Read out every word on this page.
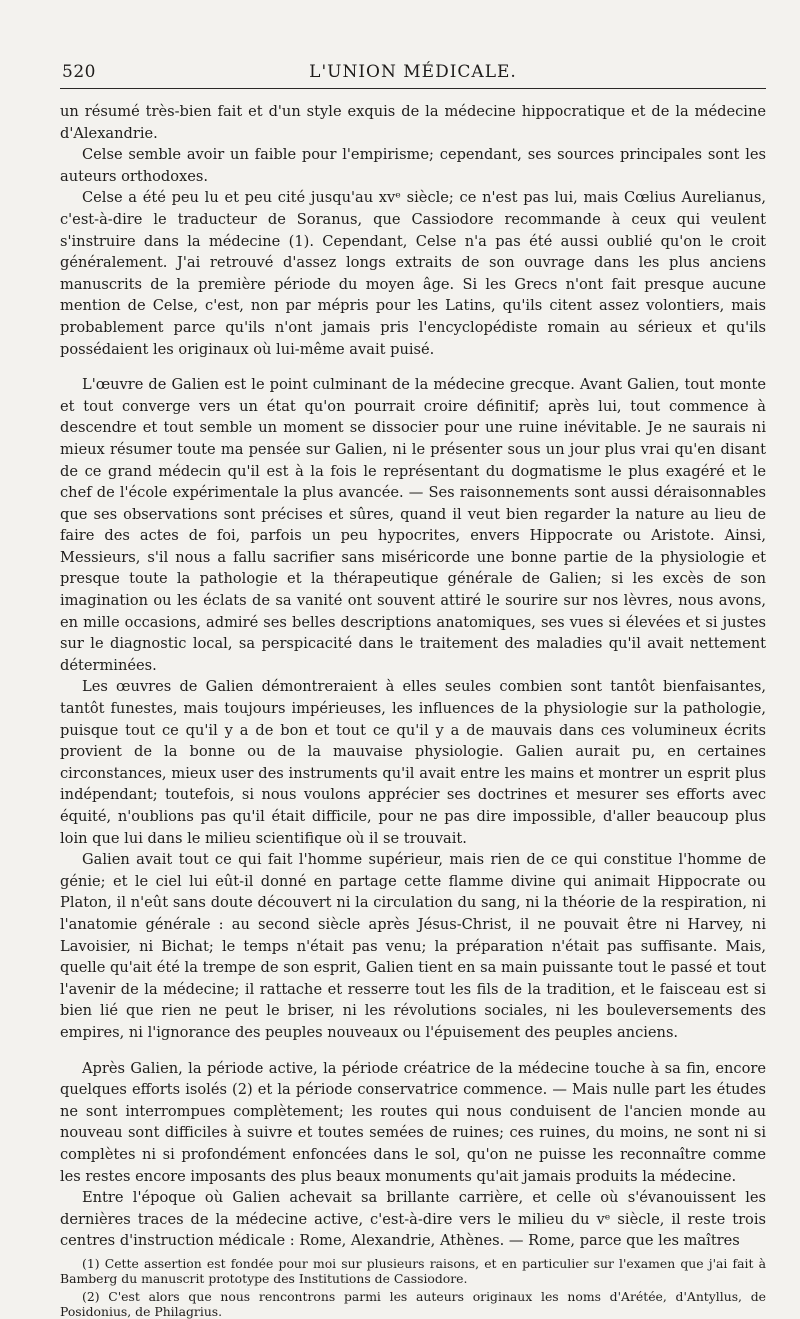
520	L'UNION MÉDICALE.

un résumé très-bien fait et d'un style exquis de la médecine hippocratique et de la médecine d'Alexandrie.

Celse semble avoir un faible pour l'empirisme; cependant, ses sources principales sont les auteurs orthodoxes.

Celse a été peu lu et peu cité jusqu'au xvᵉ siècle; ce n'est pas lui, mais Cœlius Aurelianus, c'est-à-dire le traducteur de Soranus, que Cassiodore recommande à ceux qui veulent s'instruire dans la médecine (1). Cependant, Celse n'a pas été aussi oublié qu'on le croit généralement. J'ai retrouvé d'assez longs extraits de son ouvrage dans les plus anciens manuscrits de la première période du moyen âge. Si les Grecs n'ont fait presque aucune mention de Celse, c'est, non par mépris pour les Latins, qu'ils citent assez volontiers, mais probablement parce qu'ils n'ont jamais pris l'encyclopédiste romain au sérieux et qu'ils possédaient les originaux où lui-même avait puisé.

L'œuvre de Galien est le point culminant de la médecine grecque. Avant Galien, tout monte et tout converge vers un état qu'on pourrait croire définitif; après lui, tout commence à descendre et tout semble un moment se dissocier pour une ruine inévitable. Je ne saurais ni mieux résumer toute ma pensée sur Galien, ni le présenter sous un jour plus vrai qu'en disant de ce grand médecin qu'il est à la fois le représentant du dogmatisme le plus exagéré et le chef de l'école expérimentale la plus avancée. — Ses raisonnements sont aussi déraisonnables que ses observations sont précises et sûres, quand il veut bien regarder la nature au lieu de faire des actes de foi, parfois un peu hypocrites, envers Hippocrate ou Aristote. Ainsi, Messieurs, s'il nous a fallu sacrifier sans miséricorde une bonne partie de la physiologie et presque toute la pathologie et la thérapeutique générale de Galien; si les excès de son imagination ou les éclats de sa vanité ont souvent attiré le sourire sur nos lèvres, nous avons, en mille occasions, admiré ses belles descriptions anatomiques, ses vues si élevées et si justes sur le diagnostic local, sa perspicacité dans le traitement des maladies qu'il avait nettement déterminées.

Les œuvres de Galien démontreraient à elles seules combien sont tantôt bienfaisantes, tantôt funestes, mais toujours impérieuses, les influences de la physiologie sur la pathologie, puisque tout ce qu'il y a de bon et tout ce qu'il y a de mauvais dans ces volumineux écrits provient de la bonne ou de la mauvaise physiologie. Galien aurait pu, en certaines circonstances, mieux user des instruments qu'il avait entre les mains et montrer un esprit plus indépendant; toutefois, si nous voulons apprécier ses doctrines et mesurer ses efforts avec équité, n'oublions pas qu'il était difficile, pour ne pas dire impossible, d'aller beaucoup plus loin que lui dans le milieu scientifique où il se trouvait.

Galien avait tout ce qui fait l'homme supérieur, mais rien de ce qui constitue l'homme de génie; et le ciel lui eût-il donné en partage cette flamme divine qui animait Hippocrate ou Platon, il n'eût sans doute découvert ni la circulation du sang, ni la théorie de la respiration, ni l'anatomie générale : au second siècle après Jésus-Christ, il ne pouvait être ni Harvey, ni Lavoisier, ni Bichat; le temps n'était pas venu; la préparation n'était pas suffisante. Mais, quelle qu'ait été la trempe de son esprit, Galien tient en sa main puissante tout le passé et tout l'avenir de la médecine; il rattache et resserre tout les fils de la tradition, et le faisceau est si bien lié que rien ne peut le briser, ni les révolutions sociales, ni les bouleversements des empires, ni l'ignorance des peuples nouveaux ou l'épuisement des peuples anciens.

Après Galien, la période active, la période créatrice de la médecine touche à sa fin, encore quelques efforts isolés (2) et la période conservatrice commence. — Mais nulle part les études ne sont interrompues complètement; les routes qui nous conduisent de l'ancien monde au nouveau sont difficiles à suivre et toutes semées de ruines; ces ruines, du moins, ne sont ni si complètes ni si profondément enfoncées dans le sol, qu'on ne puisse les reconnaître comme les restes encore imposants des plus beaux monuments qu'ait jamais produits la médecine.

Entre l'époque où Galien achevait sa brillante carrière, et celle où s'évanouissent les dernières traces de la médecine active, c'est-à-dire vers le milieu du vᵉ siècle, il reste trois centres d'instruction médicale : Rome, Alexandrie, Athènes. — Rome, parce que les maîtres

(1) Cette assertion est fondée pour moi sur plusieurs raisons, et en particulier sur l'examen que j'ai fait à Bamberg du manuscrit prototype des Institutions de Cassiodore.

(2) C'est alors que nous rencontrons parmi les auteurs originaux les noms d'Arétée, d'Antyllus, de Posidonius, de Philagrius.
